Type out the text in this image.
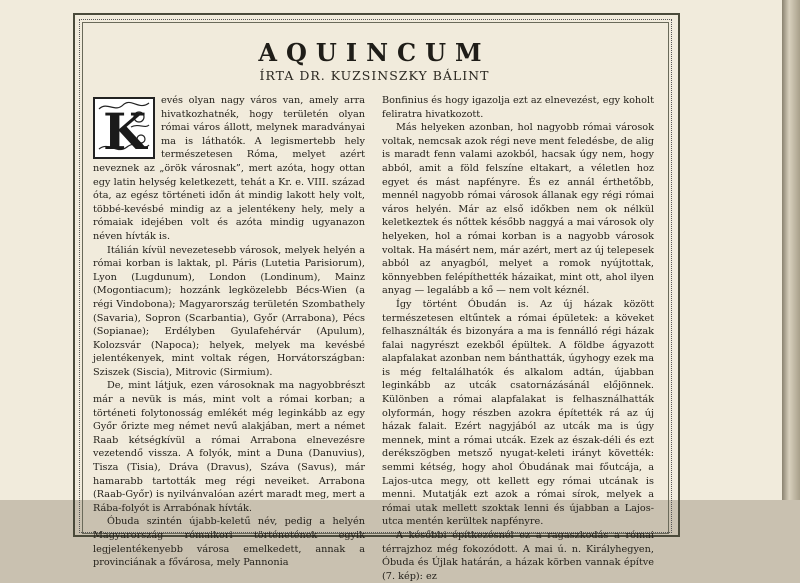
AQUINCUM
ÍRTA DR. KUZSINSZKY BÁLINT
K

evés olyan nagy város van, amely arra hivatkozhatnék, hogy területén olyan római város állott, melynek maradványai ma is láthatók. A legismertebb hely természetesen Róma, melyet azért neveznek az „örök városnak”, mert azóta, hogy ottan egy latin helység keletkezett, tehát a Kr. e. VIII. század óta, az egész történeti időn át mindig lakott hely volt, többé-kevésbé mindig az a jelentékeny hely, mely a rómaiak idejében volt és azóta mindig ugyanazon néven hívták is.

Itálián kívül nevezetesebb városok, melyek helyén a római korban is laktak, pl. Páris (Lutetia Parisiorum), Lyon (Lugdunum), London (Londinum), Mainz (Mogontiacum); hozzánk legközelebb Bécs-Wien (a régi Vindobona); Magyarország területén Szombathely (Savaria), Sopron (Scarbantia), Győr (Arrabona), Pécs (Sopianae); Erdélyben Gyulafehérvár (Apulum), Kolozsvár (Napoca); helyek, melyek ma kevésbé jelentékenyek, mint voltak régen, Horvátországban: Sziszek (Siscia), Mitrovic (Sirmium).

De, mint látjuk, ezen városoknak ma nagyobbrészt már a nevük is más, mint volt a római korban; a történeti folytonosság emlékét még leginkább az egy Győr őrizte meg német nevű alakjában, mert a német Raab kétségkívül a római Arrabona elnevezésre vezetendő vissza. A folyók, mint a Duna (Danuvius), Tisza (Tisia), Dráva (Dravus), Száva (Savus), már hamarabb tartották meg régi neveiket. Arrabona (Raab-Győr) is nyilvánvalóan azért maradt meg, mert a Rába-folyót is Arrabónak hívták.

Óbuda szintén újabb-keletű név, pedig a helyén Magyarország rómaikori történetének egyik legjelentékenyebb városa emelkedett, annak a provinciának a fővárosa, mely Pannonia

Bonfinius és hogy igazolja ezt az elnevezést, egy koholt feliratra hivatkozott.

Más helyeken azonban, hol nagyobb római városok voltak, nemcsak azok régi neve ment feledésbe, de alig is maradt fenn valami azokból, hacsak úgy nem, hogy abból, amit a föld felszíne eltakart, a véletlen hoz egyet és mást napfényre. És ez annál érthetőbb, mennél nagyobb római városok állanak egy régi római város helyén. Már az első időkben nem ok nélkül keletkeztek és nőttek később naggyá a mai városok oly helyeken, hol a római korban is a nagyobb városok voltak. Ha másért nem, már azért, mert az új telepesek abból az anyagból, melyet a romok nyújtottak, könnyebben felépíthették házaikat, mint ott, ahol ilyen anyag — legalább a kő — nem volt kéznél.

Így történt Óbudán is. Az új házak között természetesen eltűntek a római épületek: a köveket felhasználták és bizonyára a ma is fennálló régi házak falai nagyrészt ezekből épültek. A földbe ágyazott alapfalakat azonban nem bánthatták, úgyhogy ezek ma is még feltalálhatók és alkalom adtán, újabban leginkább az utcák csatornázásánál előjönnek. Különben a római alapfalakat is felhasználhatták olyformán, hogy részben azokra építették rá az új házak falait. Ezért nagyjából az utcák ma is úgy mennek, mint a római utcák. Ezek az észak-déli és ezt derékszögben metsző nyugat-keleti irányt követték: semmi kétség, hogy ahol Óbudának mai főutcája, a Lajos-utca megy, ott kellett egy római utcának is menni. Mutatják ezt azok a római sírok, melyek a római utak mellett szoktak lenni és újabban a Lajos-utca mentén kerültek napfényre.

A későbbi építkezésnél ez a ragaszkodás a római térrajzhoz még fokozódott. A mai ú. n. Királyhegyen, Óbuda és Újlak határán, a házak körben vannak építve (7. kép): ez
